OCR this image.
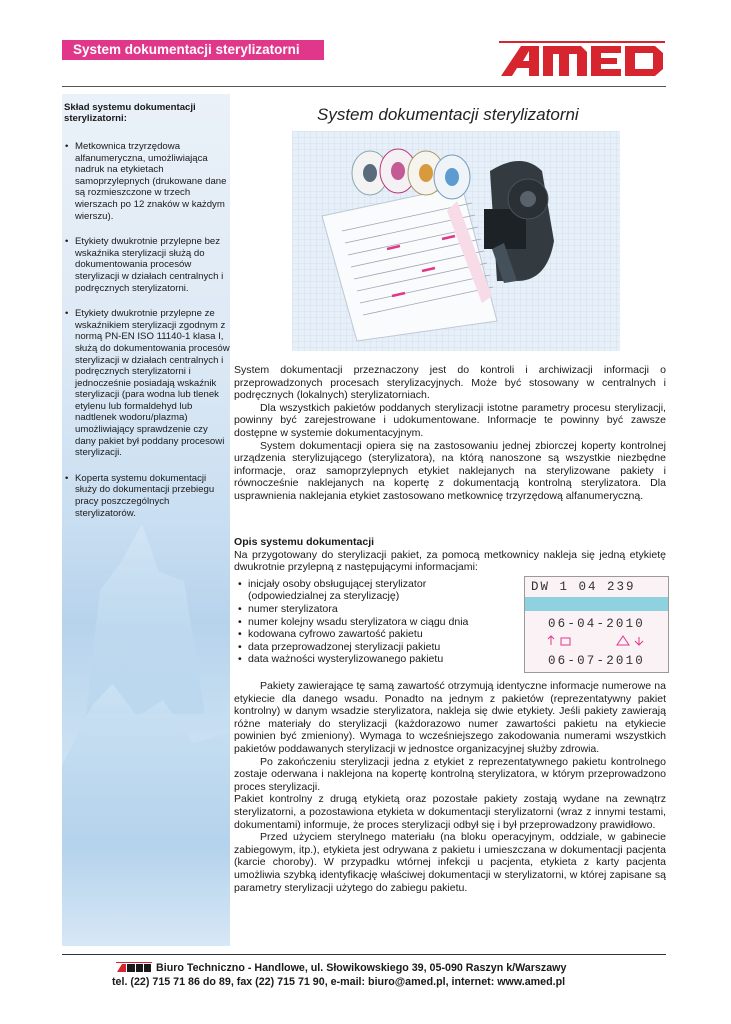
System dokumentacji sterylizatorni
Skład systemu dokumentacji sterylizatorni:
• Metkownica trzyrzędowa alfanumeryczna, umożliwiająca nadruk na etykietach samoprzylepnych (drukowane dane są rozmieszczone w trzech wierszach po 12 znaków w każdym wierszu).
• Etykiety dwukrotnie przylepne bez wskaźnika sterylizacji służą do dokumentowania procesów sterylizacji w działach centralnych i podręcznych sterylizatorni.
• Etykiety dwukrotnie przylepne ze wskaźnikiem sterylizacji zgodnym z normą PN-EN ISO 11140-1 klasa I, służą do dokumentowania procesów sterylizacji w działach centralnych i podręcznych sterylizatorni i jednocześnie posiadają wskaźnik sterylizacji (para wodna lub tlenek etylenu lub formaldehyd lub nadtlenek wodoru/plazma) umożliwiający sprawdzenie czy dany pakiet był poddany procesowi sterylizacji.
• Koperta systemu dokumentacji służy do dokumentacji przebiegu pracy poszczególnych sterylizatorów.
System dokumentacji sterylizatorni

System dokumentacji przeznaczony jest do kontroli i archiwizacji informacji o przeprowadzonych procesach sterylizacyjnych. Może być stosowany w centralnych i podręcznych (lokalnych) sterylizatorniach.

Dla wszystkich pakietów poddanych sterylizacji istotne parametry procesu sterylizacji, powinny być zarejestrowane i udokumentowane. Informacje te powinny być zawsze dostępne w systemie dokumentacyjnym.

System dokumentacji opiera się na zastosowaniu jednej zbiorczej koperty kontrolnej urządzenia sterylizującego (sterylizatora), na którą nanoszone są wszystkie niezbędne informacje, oraz samoprzylepnych etykiet naklejanych na sterylizowane pakiety i równocześnie naklejanych na kopertę z dokumentacją kontrolną sterylizatora. Dla usprawnienia naklejania etykiet zastosowano metkownicę trzyrzędową alfanumeryczną.

Opis systemu dokumentacji

Na przygotowany do sterylizacji pakiet, za pomocą metkownicy nakleja się jedną etykietę dwukrotnie przylepną z następującymi informacjami:

• inicjały osoby obsługującej sterylizator (odpowiedzialnej za sterylizację)
• numer sterylizatora
• numer kolejny wsadu sterylizatora w ciągu dnia
• kodowana cyfrowo zawartość pakietu
• data przeprowadzonej sterylizacji pakietu
• data ważności wysterylizowanego pakietu
DW 1 04 239
06-04-2010
06-07-2010

Pakiety zawierające tę samą zawartość otrzymują identyczne informacje numerowe na etykiecie dla danego wsadu. Ponadto na jednym z pakietów (reprezentatywny pakiet kontrolny) w danym wsadzie sterylizatora, nakleja się dwie etykiety. Jeśli pakiety zawierają różne materiały do sterylizacji (każdorazowo numer zawartości pakietu na etykiecie powinien być zmieniony). Wymaga to wcześniejszego zakodowania numerami wszystkich pakietów poddawanych sterylizacji w jednostce organizacyjnej służby zdrowia.

Po zakończeniu sterylizacji jedna z etykiet z reprezentatywnego pakietu kontrolnego zostaje oderwana i naklejona na kopertę kontrolną sterylizatora, w którym przeprowadzono proces sterylizacji.

Pakiet kontrolny z drugą etykietą oraz pozostałe pakiety zostają wydane na zewnątrz sterylizatorni, a pozostawiona etykieta w dokumentacji sterylizatorni (wraz z innymi testami, dokumentami) informuje, że proces sterylizacji odbył się i był przeprowadzony prawidłowo.

Przed użyciem sterylnego materiału (na bloku operacyjnym, oddziale, w gabinecie zabiegowym, itp.), etykieta jest odrywana z pakietu i umieszczana w dokumentacji pacjenta (karcie choroby). W przypadku wtórnej infekcji u pacjenta, etykieta z karty pacjenta umożliwia szybką identyfikację właściwej dokumentacji w sterylizatorni, w której zapisane są parametry sterylizacji użytego do zabiegu pakietu.

Biuro Techniczno - Handlowe, ul. Słowikowskiego 39, 05-090 Raszyn k/Warszawy
tel. (22) 715 71 86 do 89, fax (22) 715 71 90, e-mail: biuro@amed.pl, internet: www.amed.pl
